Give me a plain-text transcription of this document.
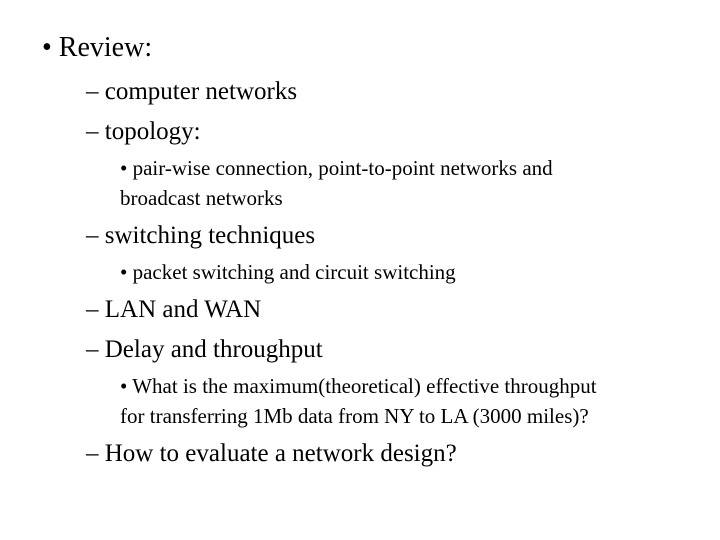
• Review:
– computer networks
– topology:
• pair-wise connection, point-to-point networks and
broadcast networks
– switching techniques
• packet switching and circuit switching
– LAN and WAN
– Delay and throughput
• What is the maximum(theoretical) effective throughput
for transferring 1Mb data from NY to LA (3000 miles)?
– How to evaluate a network design?
